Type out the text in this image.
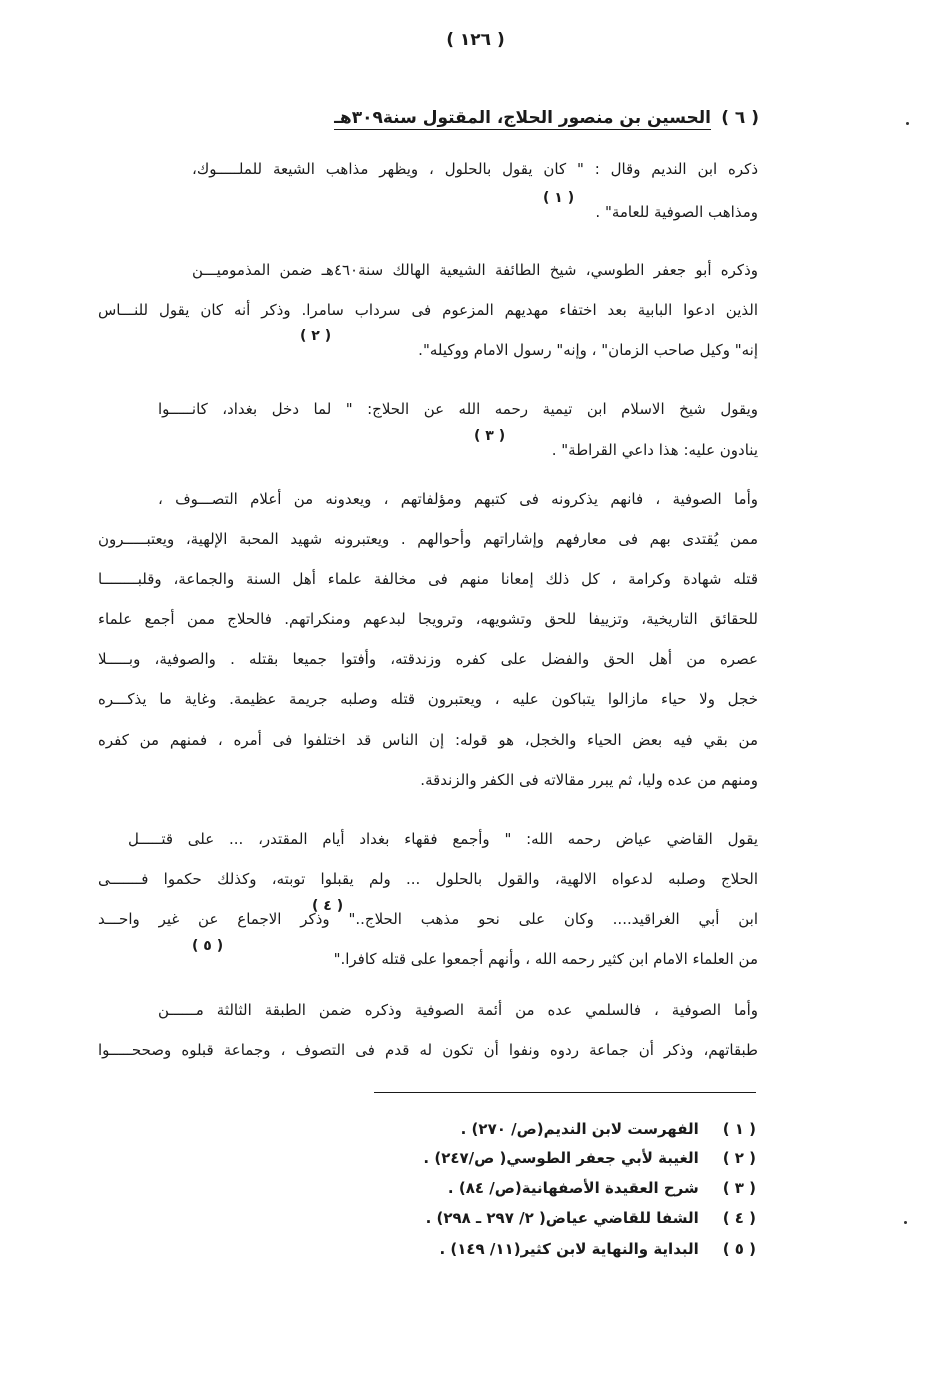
( ١٢٦ )
( ٦ )
الحسين بن منصور الحلاج، المقتول سنة٣٠٩هـ
ذكره ابن النديم وقال : " كان يقول بالحلول ، ويظهر مذاهب الشيعة للملـــــوك،
ومذاهب الصوفية للعامة" .
( ١ )
وذكره أبو جعفر الطوسي، شيخ الطائفة الشيعية الهالك سنة٤٦٠هـ ضمن المذموميـــن
الذين ادعوا البابية بعد اختفاء مهديهم المزعوم فى سرداب سامرا. وذكر أنه كان يقول للنـــاس
إنه" وكيل صاحب الزمان" ، وإنه" رسول الامام ووكيله".
( ٢ )
ويقول شيخ الاسلام ابن تيمية رحمه الله عن الحلاج: " لما دخل بغداد، كانـــــوا
ينادون عليه: هذا داعي القراطة" .
( ٣ )
وأما الصوفية ، فانهم يذكرونه فى كتبهم ومؤلفاتهم ، ويعدونه من أعلام التصـــوف ،
ممن يُقتدى بهم فى معارفهم وإشاراتهم وأحوالهم . ويعتبرونه شهيد المحبة الإلهية، ويعتبـــــرون
قتله شهادة وكرامة ، كل ذلك إمعانا منهم فى مخالفة علماء أهل السنة والجماعة، وقلبــــــــا
للحقائق التاريخية، وتزييفا للحق وتشويهه، وترويجا لبدعهم ومنكراتهم. فالحلاج ممن أجمع علماء
عصره من أهل الحق والفضل على كفره وزندقته، وأفتوا جميعا بقتله . والصوفية، وبـــــلا
خجل ولا حياء مازالوا يتباكون عليه ، ويعتبرون قتله وصلبه جريمة عظيمة. وغاية ما يذكـــره
من بقي فيه بعض الحياء والخجل، هو قوله: إن الناس قد اختلفوا فى أمره ، فمنهم من كفره
ومنهم من عده وليا، ثم يبرر مقالاته فى الكفر والزندقة.
يقول القاضي عياض رحمه الله: " وأجمع فقهاء بغداد أيام المقتدر، ... على قتـــــل
الحلاج وصلبه لدعواه الالهية، والقول بالحلول ... ولم يقبلوا توبته، وكذلك حكموا فـــــــى
ابن أبي الغراقيد.... وكان على نحو مذهب الحلاج.." وذكر الاجماع عن غير واحـــد
من العلماء الامام ابن كثير رحمه الله ، وأنهم أجمعوا على قتله كافرا."
( ٤ )
( ٥ )
وأما الصوفية ، فالسلمي عده من أئمة الصوفية وذكره ضمن الطبقة الثالثة مــــــن
طبقاتهم، وذكر أن جماعة ردوه ونفوا أن تكون له قدم فى التصوف ، وجماعة قبلوه وصححـــــوا
( ١ ) الفهرست لابن النديم(ص/ ٢٧٠) .
( ٢ ) الغيبة لأبي جعفر الطوسي( ص/٢٤٧) .
( ٣ ) شرح العقيدة الأصفهانية(ص/ ٨٤) .
( ٤ ) الشفا للقاضي عياض( ٢/ ٢٩٧ ـ ٢٩٨) .
( ٥ ) البداية والنهاية لابن كثير(١١/ ١٤٩) .
